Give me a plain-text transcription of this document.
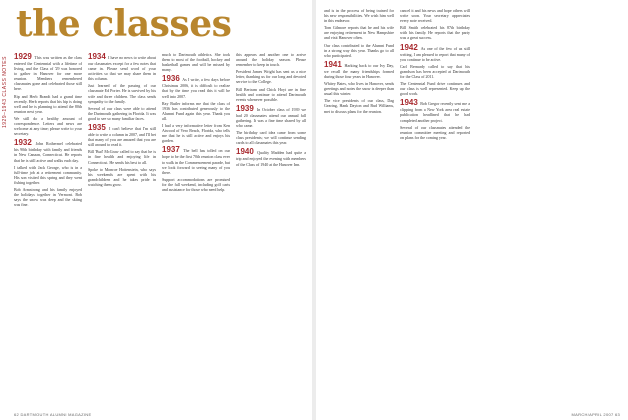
1929–1943 CLASS NOTES
the classes

1929 This was written as the class entered the Centennial with a lifetime of living, and the Class of '29 was honored to gather in Hanover for one more reunion. Members remembered classmates gone and celebrated those still here.

Rip and Herb Brandt had a grand time recently. Herb reports that his hip is doing well and he is planning to attend the 80th reunion next year.

We still do a healthy amount of correspondence. Letters and news are welcome at any time; please write to your secretary.

1932 John Rothermel celebrated his 90th birthday with family and friends in New Canaan, Connecticut. He reports that he is still active and walks each day.

I talked with Jack George, who is in a full-time job at a retirement community. His son visited this spring and they went fishing together.

Bob Armstrong and his family enjoyed the holidays together in Vermont. Bob says the snow was deep and the skiing was fine.

1934 I have no news to write about our classmates except for a few notes that came in. Please send word of your activities so that we may share them in this column.

Just learned of the passing of our classmate Ed Porter. He is survived by his wife and three children. The class sends sympathy to the family.

Several of our class were able to attend the Dartmouth gathering in Florida. It was good to see so many familiar faces.

1935 I can't believe that I'm still able to write a column in 2007, and I'll bet that many of you are amazed that you are still around to read it.

Bill 'Bud' McGraw called to say that he is in fine health and enjoying life in Connecticut. He sends his best to all.

Spoke to Monroe Hottenstein, who says his weekends are spent with his grandchildren and he takes pride in watching them grow.

much to Dartmouth athletics. She took them to most of the football, hockey and basketball games and will be missed by many.

1936 As I write, a few days before Christmas 2006, it is difficult to realize that by the time you read this it will be well into 2007.

Ray Butler informs me that the class of 1936 has contributed generously to the Alumni Fund again this year. Thank you all.

I had a very informative letter from Ken Atwood of Vero Beach, Florida, who tells me that he is still active and enjoys his garden.

1937 The bell has tolled on our hope to be the first 70th reunion class ever to walk in the Commencement parade, but we look forward to seeing many of you there.

Support accommodations are promised for the fall weekend, including golf carts and assistance for those who need help.

this appears and another one to arrive around the holiday season. Please remember to keep in touch.

President James Wright has sent us a nice letter, thanking us for our long and devoted service to the College.

Bill Bertram and Chick Hoyt are in fine health and continue to attend Dartmouth events whenever possible.

1939 In October class of 1939 we had 20 classmates attend our annual fall gathering. It was a fine time shared by all who came.

The birthday card idea came from some class presidents; we will continue sending cards to all classmates this year.

1940 Quality Madden had quite a trip and enjoyed the evening with members of the Class of 1940 at the Hanover Inn.

62 DARTMOUTH ALUMNI MAGAZINE

and is in the process of being trained for his new responsibilities. We wish him well in this endeavor.

Tom Gilmore reports that he and his wife are enjoying retirement in New Hampshire and visit Hanover often.

Our class contributed to the Alumni Fund in a strong way this year. Thanks go to all who participated.

1941 Harking back to our Ivy Day, we recall the many friendships formed during those four years in Hanover.

Whitey Bates, who lives in Hanover, sends greetings and notes the snow is deeper than usual this winter.

The vice presidents of our class, Dag Gearing, Hank Dayton and Bud Williams, met to discuss plans for the reunion.

cancel it and his news and hope others will write soon. Your secretary appreciates every note received.

Bill Smith celebrated his 87th birthday with his family. He reports that the party was a great success.

1942 As one of the few of us still writing, I am pleased to report that many of you continue to be active.

Carl Bernardy called to say that his grandson has been accepted at Dartmouth for the Class of 2011.

The Centennial Fund drive continues and our class is well represented. Keep up the good work.

1943 Bob Gregor recently sent me a clipping from a New York area real estate publication headlined that he had completed another project.

Several of our classmates attended the reunion committee meeting and reported on plans for the coming year.

MARCH/APRIL 2007 63
